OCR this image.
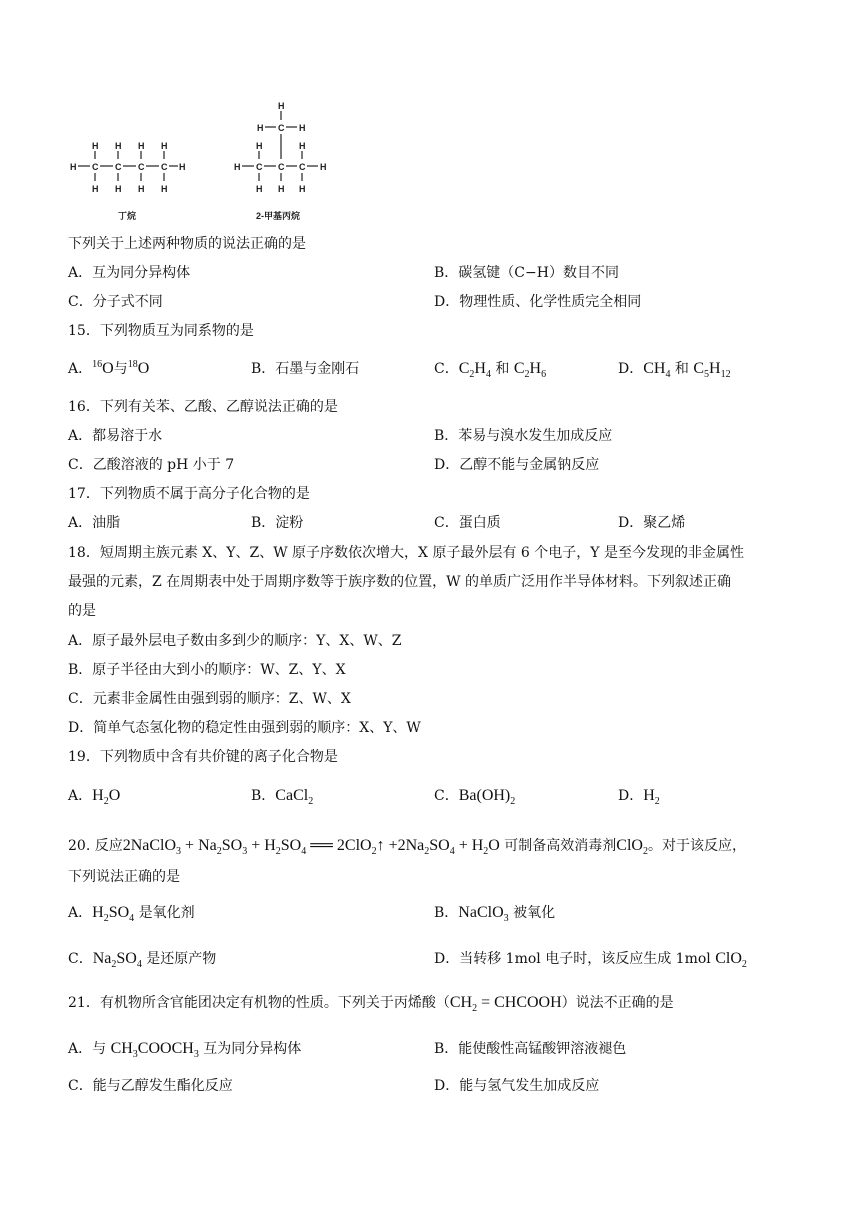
H H H H
H C C C C H
H H H H
丁烷
H
H C H
H	H
H C C C H
H H H
2-甲基丙烷
下列关于上述两种物质的说法正确的是
A．互为同分异构体	B．碳氢键（C−H）数目不同
C．分子式不同	D．物理性质、化学性质完全相同
15．下列物质互为同系物的是
A．$^{16}$O与$^{18}$O	B．石墨与金刚石	C．$C_2H_4$ 和 $C_2H_6$	D．$CH_4$ 和 $C_5H_{12}$
16．下列有关苯、乙酸、乙醇说法正确的是
A．都易溶于水	B．苯易与溴水发生加成反应
C．乙酸溶液的 pH 小于 7	D．乙醇不能与金属钠反应
17．下列物质不属于高分子化合物的是
A．油脂	B．淀粉	C．蛋白质	D．聚乙烯
18．短周期主族元素 X、Y、Z、W 原子序数依次增大，X 原子最外层有 6 个电子，Y 是至今发现的非金属性
最强的元素，Z 在周期表中处于周期序数等于族序数的位置，W 的单质广泛用作半导体材料。下列叙述正确
的是
A．原子最外层电子数由多到少的顺序：Y、X、W、Z
B．原子半径由大到小的顺序：W、Z、Y、X
C．元素非金属性由强到弱的顺序：Z、W、X
D．简单气态氢化物的稳定性由强到弱的顺序：X、Y、W
19．下列物质中含有共价键的离子化合物是
A．$H_2O$	B．CaCl$_2$	C．$Ba(OH)_2$	D．$H_2$
20. 反应2NaClO$_3$ + $Na_2SO_3 + H_2SO_4$ ══ 2ClO$_2$↑ $+2Na_2SO_4 + H_2O$ 可制备高效消毒剂ClO$_2$。对于该反应，
下列说法正确的是
A．$H_2SO_4$ 是氧化剂	B．NaClO$_3$ 被氧化
C．$Na_2SO_4$ 是还原产物	D．当转移 1mol 电子时，该反应生成 1mol ClO$_2$
21．有机物所含官能团决定有机物的性质。下列关于丙烯酸（$CH_2$ = CHCOOH）说法不正确的是
A．与 $CH_3COOCH_3$ 互为同分异构体	B．能使酸性高锰酸钾溶液褪色
C．能与乙醇发生酯化反应	D．能与氢气发生加成反应
